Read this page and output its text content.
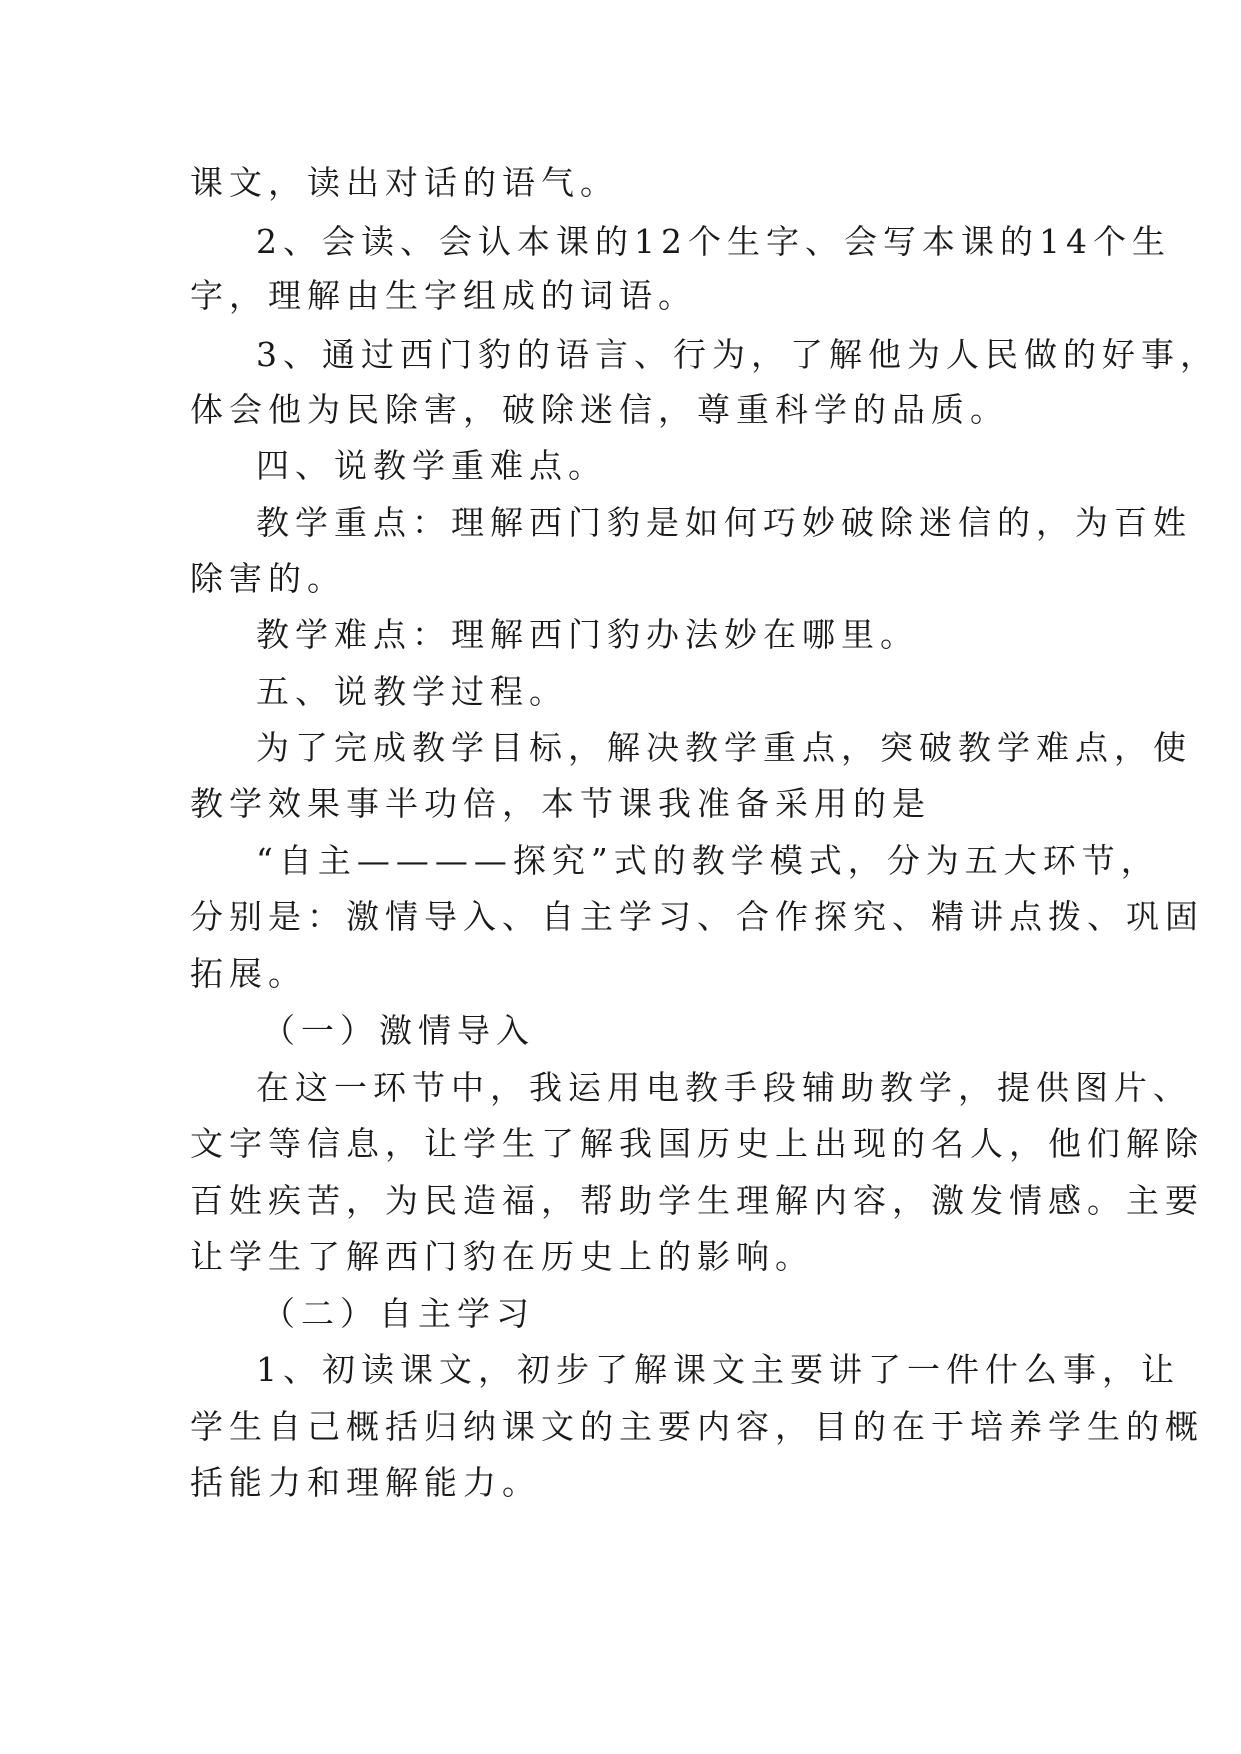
课文，读出对话的语气。
2、会读、会认本课的12个生字、会写本课的14个生
字，理解由生字组成的词语。
3、通过西门豹的语言、行为，了解他为人民做的好事，
体会他为民除害，破除迷信，尊重科学的品质。
四、说教学重难点。
教学重点：理解西门豹是如何巧妙破除迷信的，为百姓
除害的。
教学难点：理解西门豹办法妙在哪里。
五、说教学过程。
为了完成教学目标，解决教学重点，突破教学难点，使
教学效果事半功倍，本节课我准备采用的是
“自主————探究”式的教学模式，分为五大环节，
分别是：激情导入、自主学习、合作探究、精讲点拨、巩固
拓展。
（一）激情导入
在这一环节中，我运用电教手段辅助教学，提供图片、
文字等信息，让学生了解我国历史上出现的名人，他们解除
百姓疾苦，为民造福，帮助学生理解内容，激发情感。主要
让学生了解西门豹在历史上的影响。
（二）自主学习
1、初读课文，初步了解课文主要讲了一件什么事，让
学生自己概括归纳课文的主要内容，目的在于培养学生的概
括能力和理解能力。
